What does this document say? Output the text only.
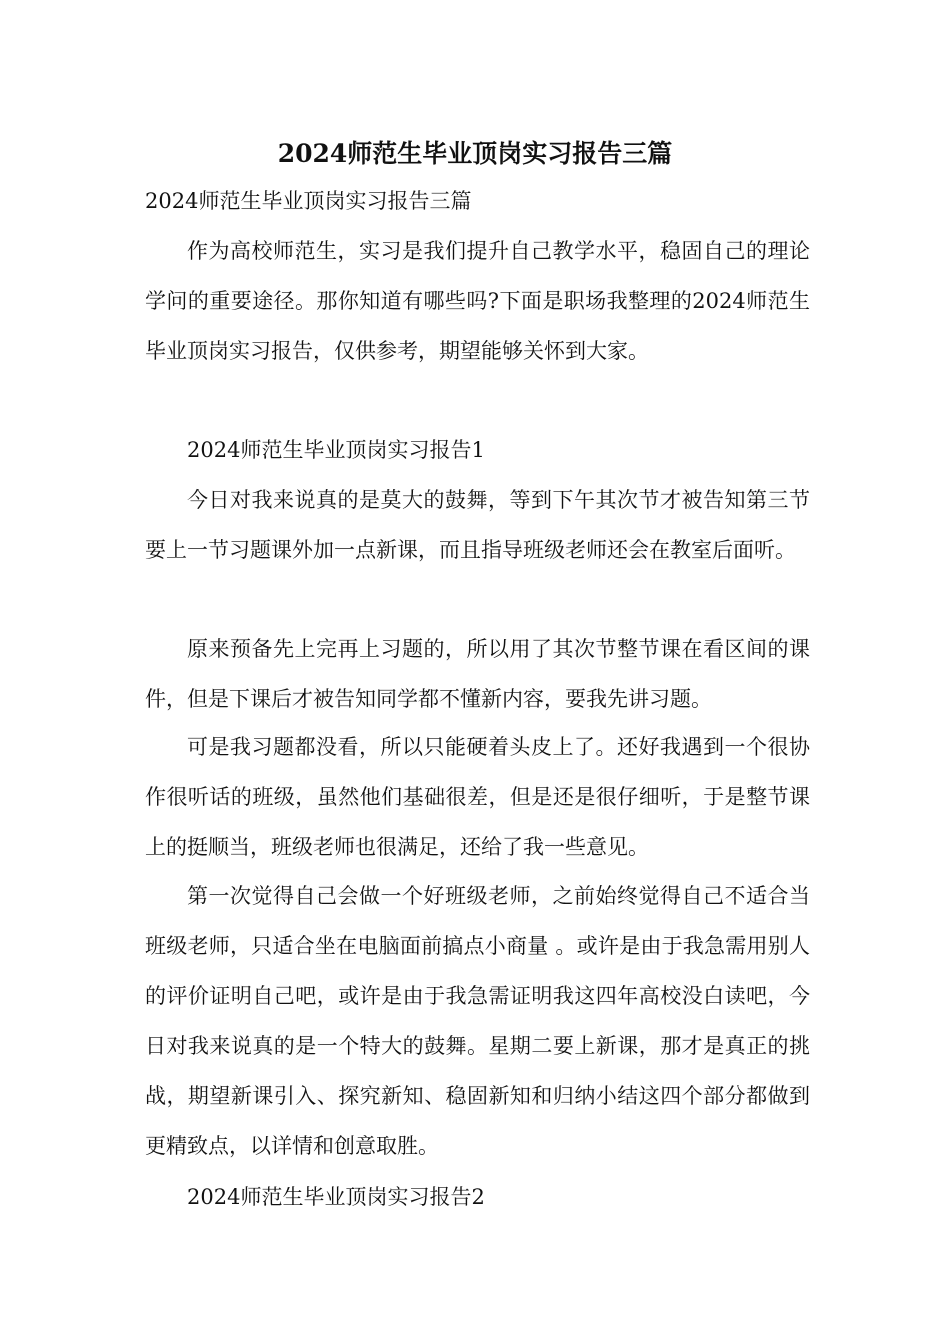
2024师范生毕业顶岗实习报告三篇
2024师范生毕业顶岗实习报告三篇
作为高校师范生，实习是我们提升自己教学水平，稳固自己的理论学问的重要途径。那你知道有哪些吗?下面是职场我整理的2024师范生毕业顶岗实习报告，仅供参考，期望能够关怀到大家。
2024师范生毕业顶岗实习报告1
今日对我来说真的是莫大的鼓舞，等到下午其次节才被告知第三节要上一节习题课外加一点新课，而且指导班级老师还会在教室后面听。
原来预备先上完再上习题的，所以用了其次节整节课在看区间的课件，但是下课后才被告知同学都不懂新内容，要我先讲习题。
可是我习题都没看，所以只能硬着头皮上了。还好我遇到一个很协作很听话的班级，虽然他们基础很差，但是还是很仔细听，于是整节课上的挺顺当，班级老师也很满足，还给了我一些意见。
第一次觉得自己会做一个好班级老师，之前始终觉得自己不适合当班级老师，只适合坐在电脑面前搞点小商量 。或许是由于我急需用别人的评价证明自己吧，或许是由于我急需证明我这四年高校没白读吧，今日对我来说真的是一个特大的鼓舞。星期二要上新课，那才是真正的挑战，期望新课引入、探究新知、稳固新知和归纳小结这四个部分都做到更精致点，以详情和创意取胜。
2024师范生毕业顶岗实习报告2
